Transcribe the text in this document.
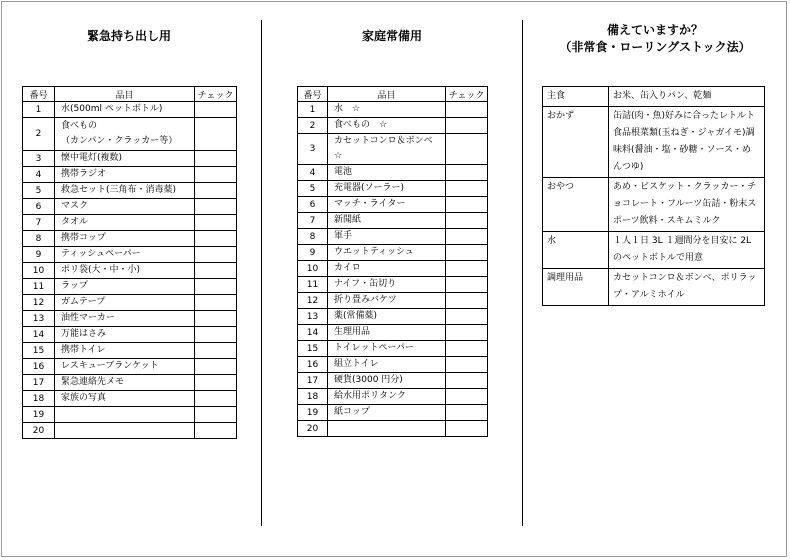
緊急持ち出し用	家庭常備用	備えていますか？
（非常食・ローリングストック法）
番号	品目	チェック
1	水(500ml ペットボトル)	
2	食べもの
（カンパン・クラッカー等）	
3	懐中電灯(複数)	
4	携帯ラジオ	
5	救急セット(三角布・消毒薬)	
6	マスク	
7	タオル	
8	携帯コップ	
9	ティッシュペーパー	
10	ポリ袋(大・中・小)	
11	ラップ	
12	ガムテープ	
13	油性マーカー	
14	万能はさみ	
15	携帯トイレ	
16	レスキューブランケット	
17	緊急連絡先メモ	
18	家族の写真	
19		
20		
番号	品目	チェック
1	水　☆	
2	食べもの　☆	
3	カセットコンロ＆ボンベ　☆	
4	電池	
5	充電器(ソーラー)	
6	マッチ・ライター	
7	新聞紙	
8	軍手	
9	ウエットティッシュ	
10	カイロ	
11	ナイフ・缶切り	
12	折り畳みバケツ	
13	薬(常備薬)	
14	生理用品	
15	トイレットペーパー	
16	組立トイレ	
17	硬貨(3000 円分)	
18	給水用ポリタンク	
19	紙コップ	
20		
主食	お米、缶入りパン、乾麺
おかず	缶詰(肉・魚)好みに合ったレトルト食品根菜類(玉ねぎ・ジャガイモ)調味料(醤油・塩・砂糖・ソース・めんつゆ)
おやつ	あめ・ビスケット・クラッカー・チョコレート・フルーツ缶詰・粉末スポーツ飲料・スキムミルク
水	１人１日 3L １週間分を目安に 2L のペットボトルで用意
調理用品	カセットコンロ＆ボンベ、ポリラップ・アルミホイル
